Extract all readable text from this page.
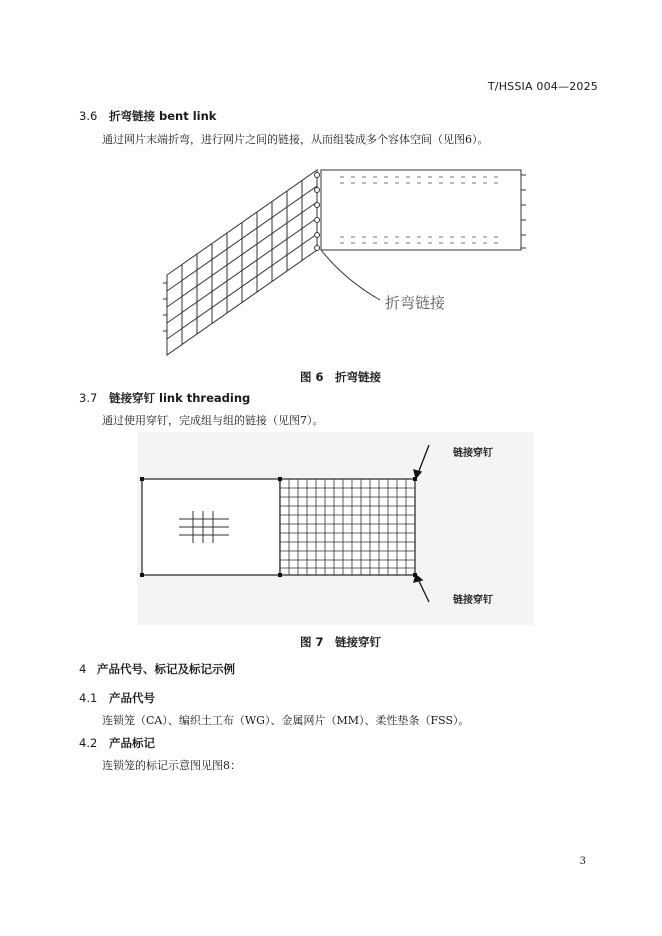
T/HSSIA 004—2025
3.6 折弯链接 bent link
通过网片末端折弯，进行网片之间的链接，从而组装成多个容体空间（见图6）。
折弯链接
图 6　折弯链接
3.7 链接穿钉 link threading
通过使用穿钉，完成组与组的链接（见图7）。
链接穿钉
链接穿钉
图 7　链接穿钉
4 产品代号、标记及标记示例
4.1 产品代号
连锁笼（CA）、编织土工布（WG）、金属网片（MM）、柔性垫条（FSS）。
4.2 产品标记
连锁笼的标记示意图见图8：
3
